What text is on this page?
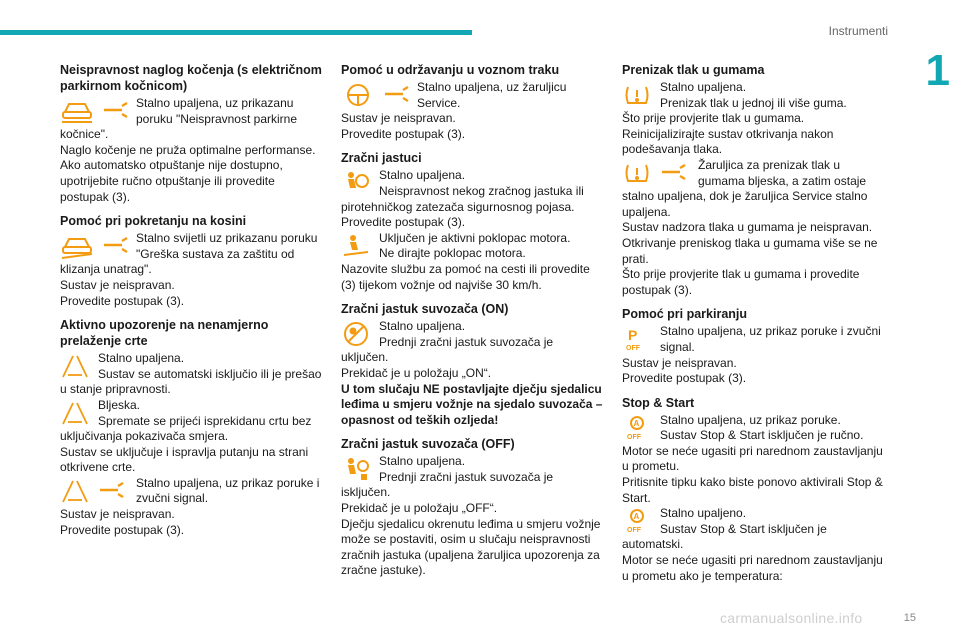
Instrumenti
1
carmanualsonline.info	15
Neispravnost naglog kočenja (s električnom parkirnom kočnicom)
Stalno upaljena, uz prikazanu poruku "Neispravnost parkirne kočnice".

Naglo kočenje ne pruža optimalne performanse.

Ako automatsko otpuštanje nije dostupno, upotrijebite ručno otpuštanje ili provedite postupak (3).

Pomoć pri pokretanju na kosini
Stalno svijetli uz prikazanu poruku "Greška sustava za zaštitu od klizanja unatrag".

Sustav je neispravan.

Provedite postupak (3).

Aktivno upozorenje na nenamjerno prelaženje crte
Stalno upaljena.
Sustav se automatski isključio ili je prešao u stanje pripravnosti.
Bljeska.
Spremate se prijeći isprekidanu crtu bez uključivanja pokazivača smjera.

Sustav se uključuje i ispravlja putanju na strani otkrivene crte.

Stalno upaljena, uz prikaz poruke i zvučni signal.

Sustav je neispravan.

Provedite postupak (3).

Pomoć u održavanju u voznom traku
Stalno upaljena, uz žaruljicu Service.

Sustav je neispravan.

Provedite postupak (3).

Zračni jastuci
Stalno upaljena.
Neispravnost nekog zračnog jastuka ili pirotehničkog zatezača sigurnosnog pojasa.

Provedite postupak (3).

Uključen je aktivni poklopac motora.
Ne dirajte poklopac motora.

Nazovite službu za pomoć na cesti ili provedite (3) tijekom vožnje od najviše 30 km/h.

Zračni jastuk suvozača (ON)
Stalno upaljena.
Prednji zračni jastuk suvozača je uključen.

Prekidač je u položaju „ON“.

U tom slučaju NE postavljajte dječju sjedalicu leđima u smjeru vožnje na sjedalo suvozača – opasnost od teških ozljeda!

Zračni jastuk suvozača (OFF)
Stalno upaljena.
Prednji zračni jastuk suvozača je isključen.

Prekidač je u položaju „OFF“.

Dječju sjedalicu okrenutu leđima u smjeru vožnje može se postaviti, osim u slučaju neispravnosti zračnih jastuka (upaljena žaruljica upozorenja za zračne jastuke).

Prenizak tlak u gumama
Stalno upaljena.
Prenizak tlak u jednoj ili više guma.

Što prije provjerite tlak u gumama.

Reinicijalizirajte sustav otkrivanja nakon podešavanja tlaka.

Žaruljica za prenizak tlak u gumama bljeska, a zatim ostaje stalno upaljena, dok je žaruljica Service stalno upaljena.

Sustav nadzora tlaka u gumama je neispravan.

Otkrivanje preniskog tlaka u gumama više se ne prati.

Što prije provjerite tlak u gumama i provedite postupak (3).

Pomoć pri parkiranju
P
OFF
Stalno upaljena, uz prikaz poruke i zvučni signal.

Sustav je neispravan.

Provedite postupak (3).

Stop & Start
A
OFF
Stalno upaljena, uz prikaz poruke.
Sustav Stop & Start isključen je ručno.

Motor se neće ugasiti pri narednom zaustavljanju u prometu.

Pritisnite tipku kako biste ponovo aktivirali Stop & Start.

A
OFF
Stalno upaljeno.
Sustav Stop & Start isključen je automatski.

Motor se neće ugasiti pri narednom zaustavljanju u prometu ako je temperatura:
